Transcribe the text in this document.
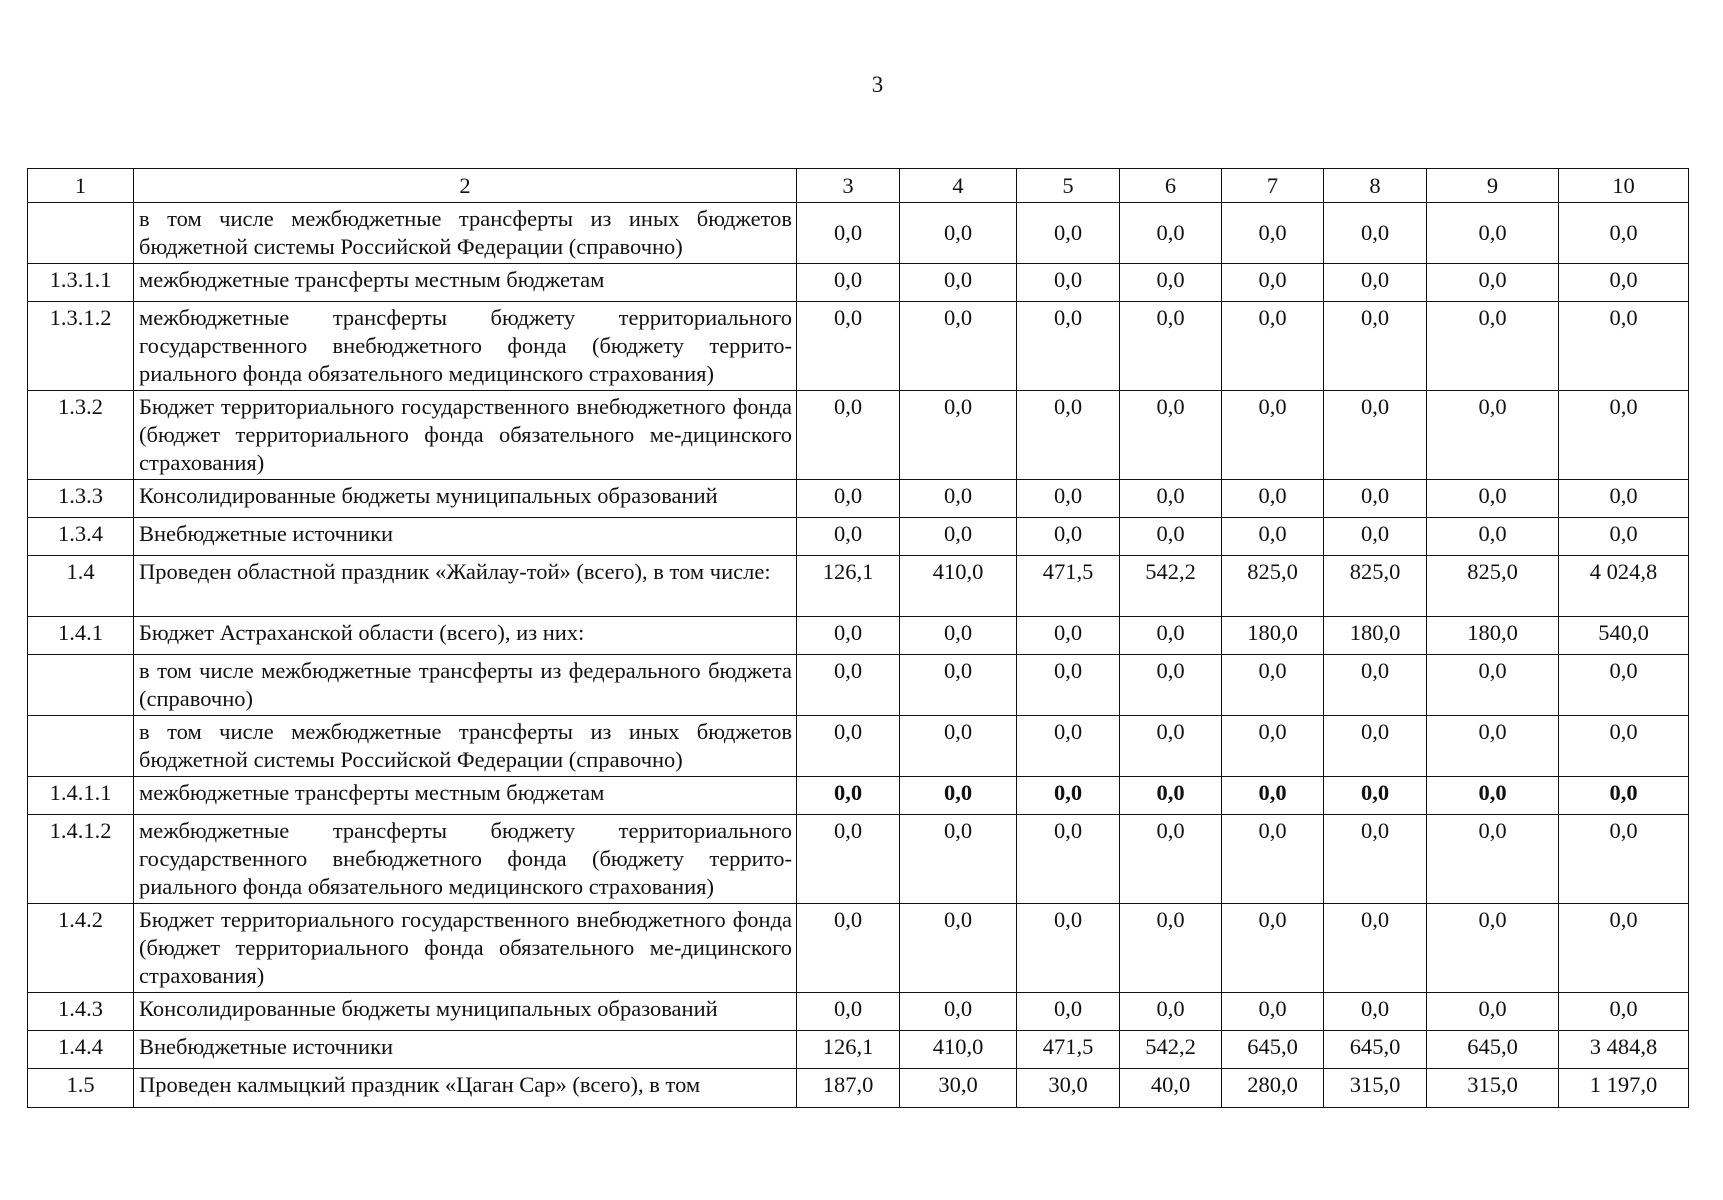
3
1	2	3	4	5	6	7	8	9	10
	в том числе межбюджетные трансферты из иных бюджетов бюджетной системы Российской Федерации (справочно)	0,0	0,0	0,0	0,0	0,0	0,0	0,0	0,0
1.3.1.1	межбюджетные трансферты местным бюджетам	0,0	0,0	0,0	0,0	0,0	0,0	0,0	0,0
1.3.1.2	межбюджетные трансферты бюджету территориального государственного внебюджетного фонда (бюджету террито-риального фонда обязательного медицинского страхования)	0,0	0,0	0,0	0,0	0,0	0,0	0,0	0,0
1.3.2	Бюджет территориального государственного внебюджетного фонда (бюджет территориального фонда обязательного ме-дицинского страхования)	0,0	0,0	0,0	0,0	0,0	0,0	0,0	0,0
1.3.3	Консолидированные бюджеты муниципальных образований	0,0	0,0	0,0	0,0	0,0	0,0	0,0	0,0
1.3.4	Внебюджетные источники	0,0	0,0	0,0	0,0	0,0	0,0	0,0	0,0
1.4	Проведен областной праздник «Жайлау-той» (всего), в том числе:	126,1	410,0	471,5	542,2	825,0	825,0	825,0	4 024,8
1.4.1	Бюджет Астраханской области (всего), из них:	0,0	0,0	0,0	0,0	180,0	180,0	180,0	540,0
	в том числе межбюджетные трансферты из федерального бюджета (справочно)	0,0	0,0	0,0	0,0	0,0	0,0	0,0	0,0
	в том числе межбюджетные трансферты из иных бюджетов бюджетной системы Российской Федерации (справочно)	0,0	0,0	0,0	0,0	0,0	0,0	0,0	0,0
1.4.1.1	межбюджетные трансферты местным бюджетам	0,0	0,0	0,0	0,0	0,0	0,0	0,0	0,0
1.4.1.2	межбюджетные трансферты бюджету территориального государственного внебюджетного фонда (бюджету террито-риального фонда обязательного медицинского страхования)	0,0	0,0	0,0	0,0	0,0	0,0	0,0	0,0
1.4.2	Бюджет территориального государственного внебюджетного фонда (бюджет территориального фонда обязательного ме-дицинского страхования)	0,0	0,0	0,0	0,0	0,0	0,0	0,0	0,0
1.4.3	Консолидированные бюджеты муниципальных образований	0,0	0,0	0,0	0,0	0,0	0,0	0,0	0,0
1.4.4	Внебюджетные источники	126,1	410,0	471,5	542,2	645,0	645,0	645,0	3 484,8
1.5	Проведен калмыцкий праздник «Цаган Сар» (всего), в том	187,0	30,0	30,0	40,0	280,0	315,0	315,0	1 197,0
